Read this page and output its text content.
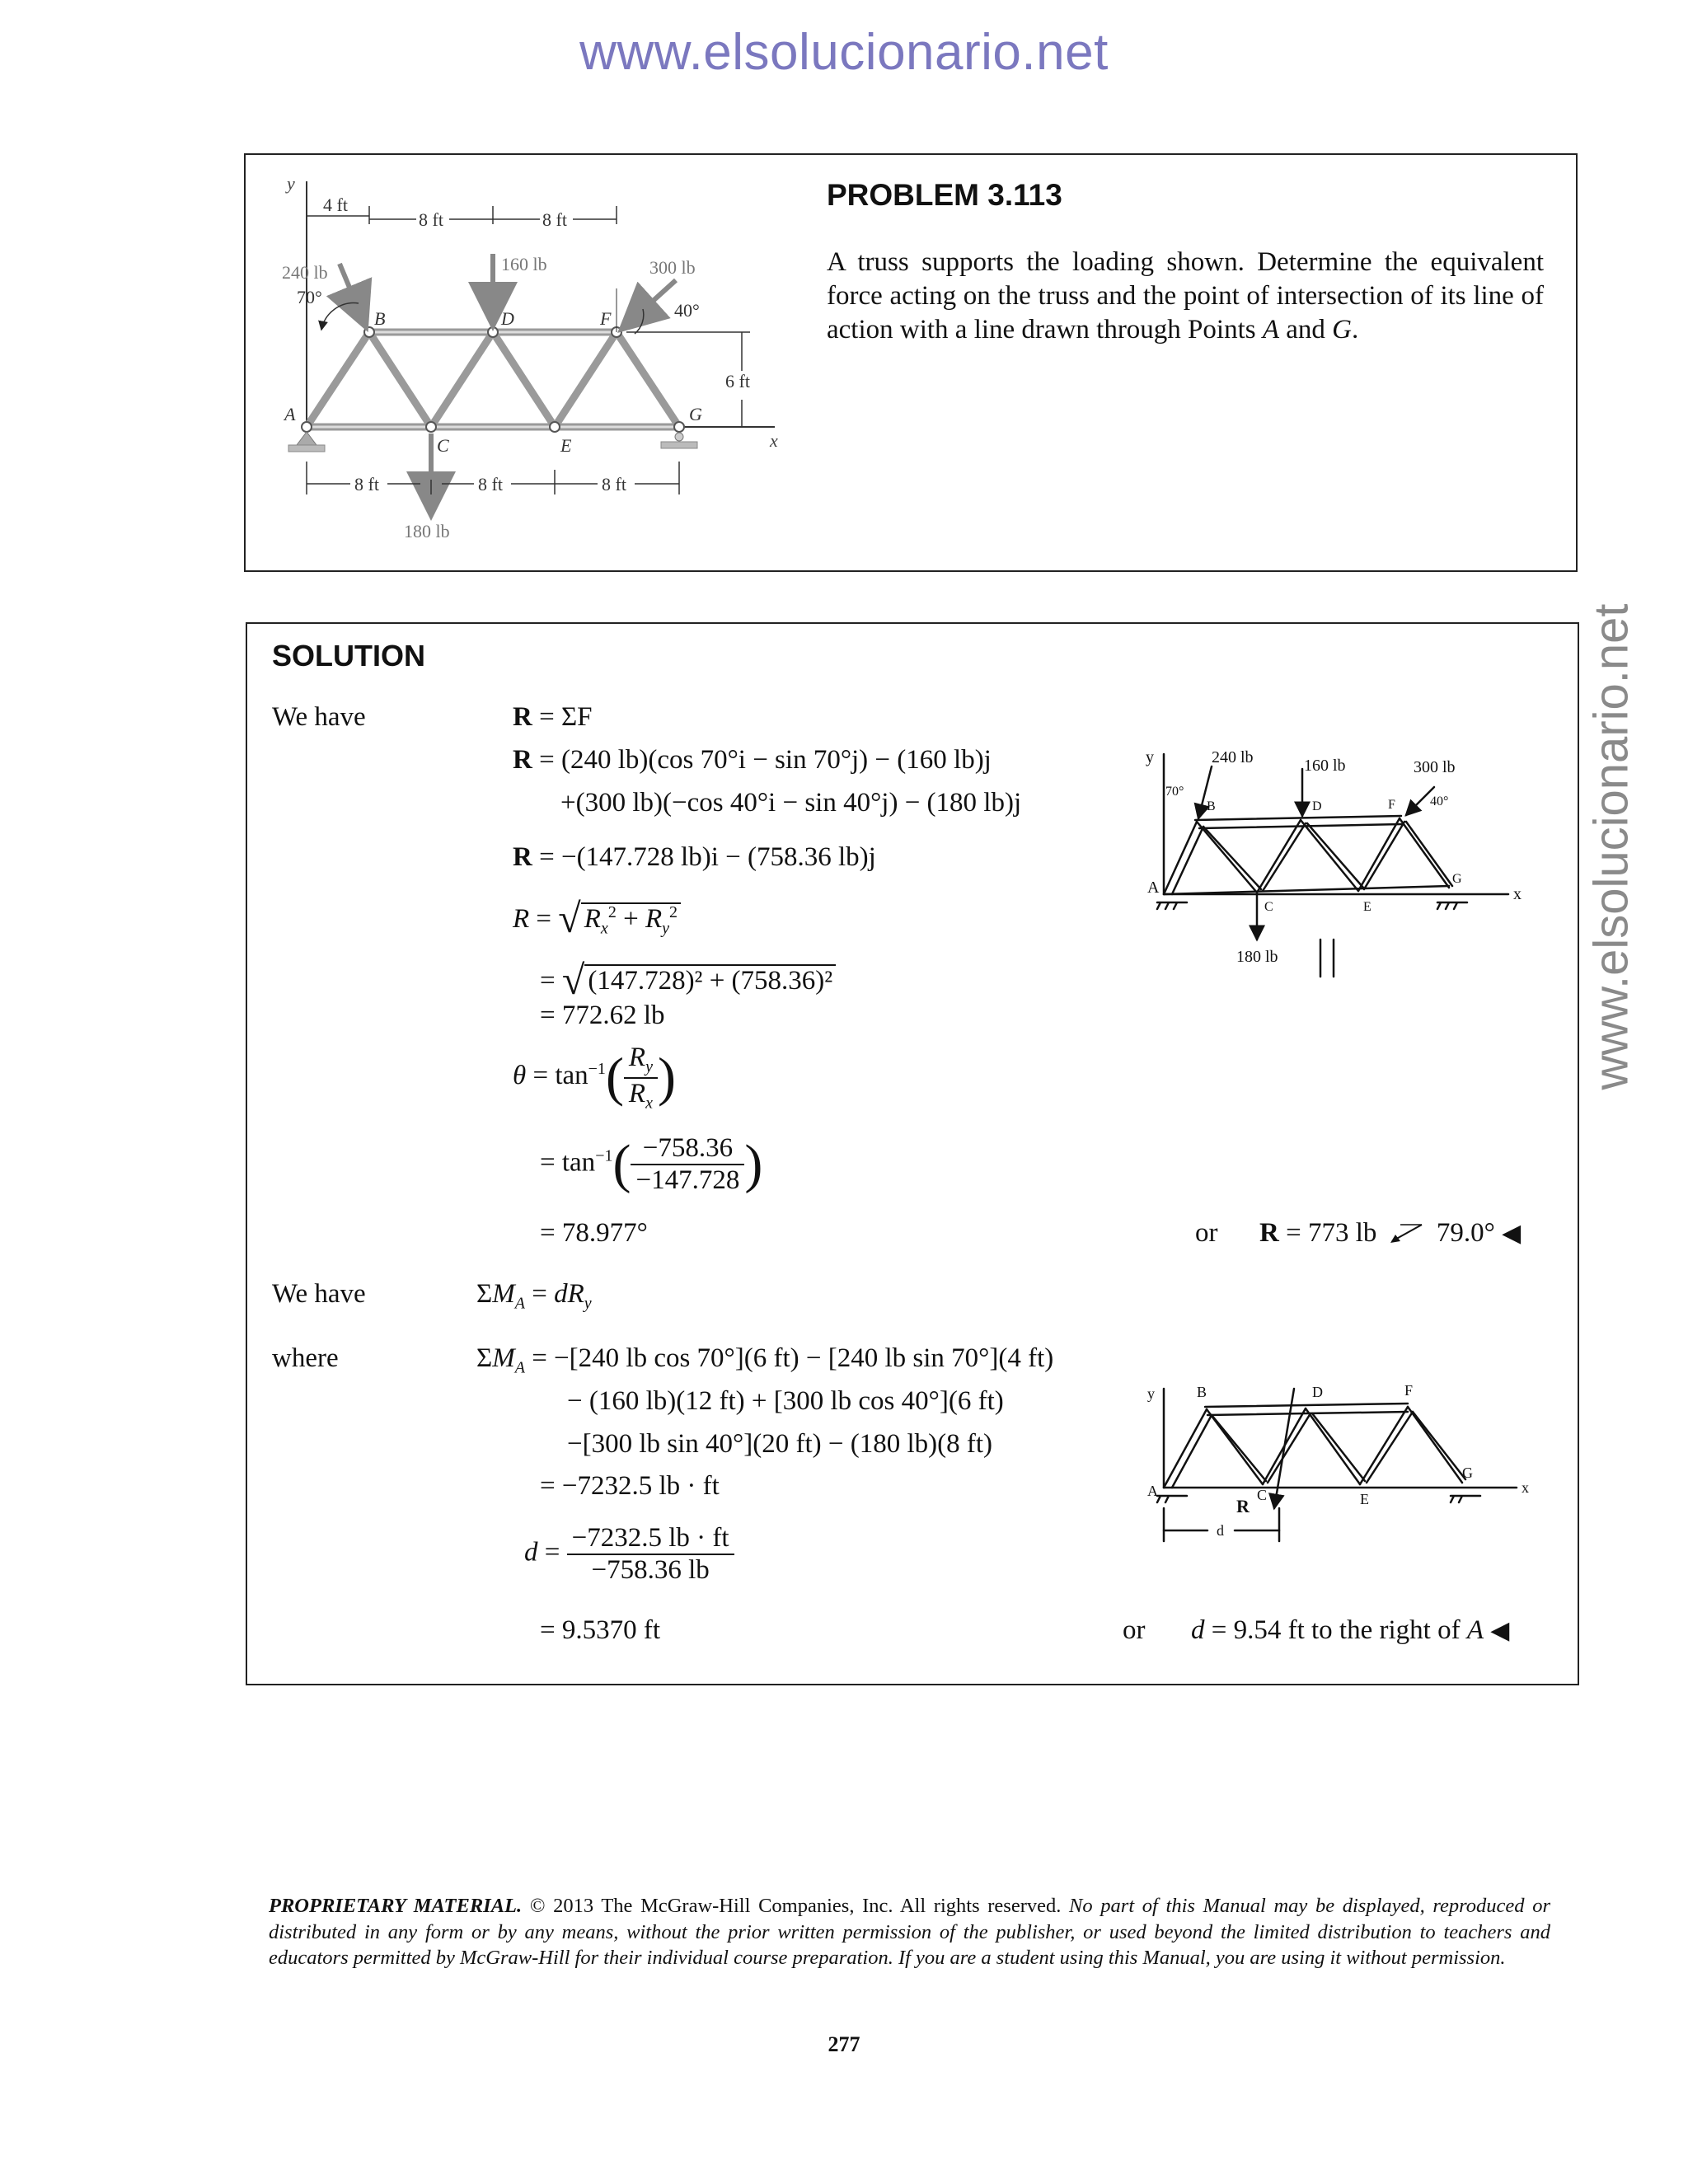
www.elsolucionario.net
www.elsolucionario.net
y
x
A
B
C
D
E
F
G
240 lb	160 lb	300 lb
180 lb
70°
40°
4 ft
8 ft	8 ft
6 ft
8 ft	8 ft	8 ft
PROBLEM 3.113
A truss supports the loading shown. Determine the equivalent force acting on the truss and the point of intersection of its line of action with a line drawn through Points A and G.
SOLUTION
We have	R = ΣF
R = (240 lb)(cos 70°i − sin 70°j) − (160 lb)j
+(300 lb)(−cos 40°i − sin 40°j) − (180 lb)j
R = −(147.728 lb)i − (758.36 lb)j
R = √ $R_x^2 + R_y^2$
= √ (147.728)² + (758.36)²
= 772.62 lb
$\theta = \tan^{-1}( \frac{R_y}{R_x}$ )
= $\tan^{-1}( \frac{-758.36}{-147.728}$ )
= 78.977°	or R = 773 lb 79.0° ◀
We have	$\Sigma M_A = dR_y$
where	$\Sigma M_A = -[240$ lb cos 70°](6 ft) − [240 lb sin 70°](4 ft)
− (160 lb)(12 ft) + [300 lb cos 40°](6 ft)
−[300 lb sin 40°](20 ft) − (180 lb)(8 ft)
= −7232.5 lb · ft
$d = \frac{-7232.5 lb \cdot ft}{-758.36 lb}$
= 9.5370 ft	or d = 9.54 ft to the right of A ◀
y	240 lb	160 lb	300 lb
180 lb
70°
40°
A
B
C
D
E
F
G
x
y
A
B
C
D
E
F
G
x
R
d
PROPRIETARY MATERIAL. © 2013 The McGraw-Hill Companies, Inc. All rights reserved. No part of this Manual may be displayed, reproduced or distributed in any form or by any means, without the prior written permission of the publisher, or used beyond the limited distribution to teachers and educators permitted by McGraw-Hill for their individual course preparation. If you are a student using this Manual, you are using it without permission.
277
